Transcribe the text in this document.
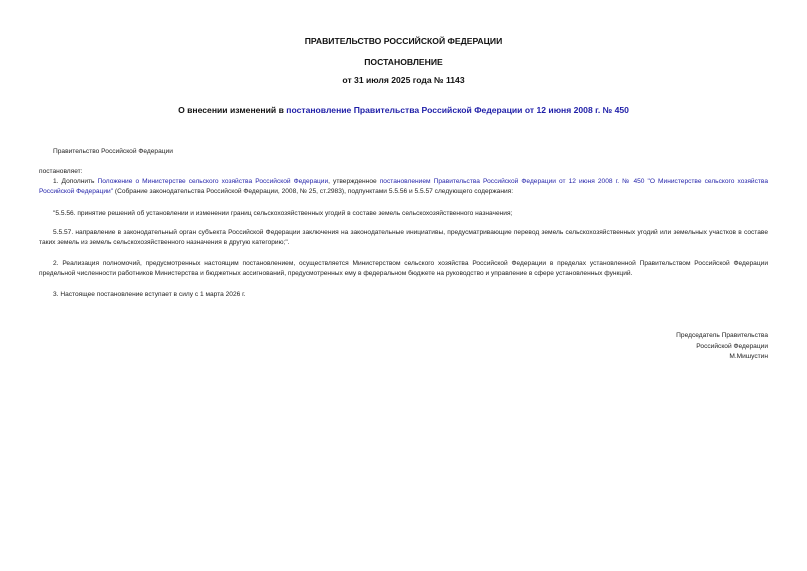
ПРАВИТЕЛЬСТВО РОССИЙСКОЙ ФЕДЕРАЦИИ
ПОСТАНОВЛЕНИЕ
от 31 июля 2025 года № 1143
О внесении изменений в постановление Правительства Российской Федерации от 12 июня 2008 г. № 450
Правительство Российской Федерации
постановляет:
1. Дополнить Положение о Министерстве сельского хозяйства Российской Федерации, утвержденное постановлением Правительства Российской Федерации от 12 июня 2008 г. № 450 "О Министерстве сельского хозяйства Российской Федерации" (Собрание законодательства Российской Федерации, 2008, № 25, ст.2983), подпунктами 5.5.56 и 5.5.57 следующего содержания:
"5.5.56. принятие решений об установлении и изменении границ сельскохозяйственных угодий в составе земель сельскохозяйственного назначения;
5.5.57. направление в законодательный орган субъекта Российской Федерации заключения на законодательные инициативы, предусматривающие перевод земель сельскохозяйственных угодий или земельных участков в составе таких земель из земель сельскохозяйственного назначения в другую категорию;".
2. Реализация полномочий, предусмотренных настоящим постановлением, осуществляется Министерством сельского хозяйства Российской Федерации в пределах установленной Правительством Российской Федерации предельной численности работников Министерства и бюджетных ассигнований, предусмотренных ему в федеральном бюджете на руководство и управление в сфере установленных функций.
3. Настоящее постановление вступает в силу с 1 марта 2026 г.
Председатель Правительства
Российской Федерации
М.Мишустин
